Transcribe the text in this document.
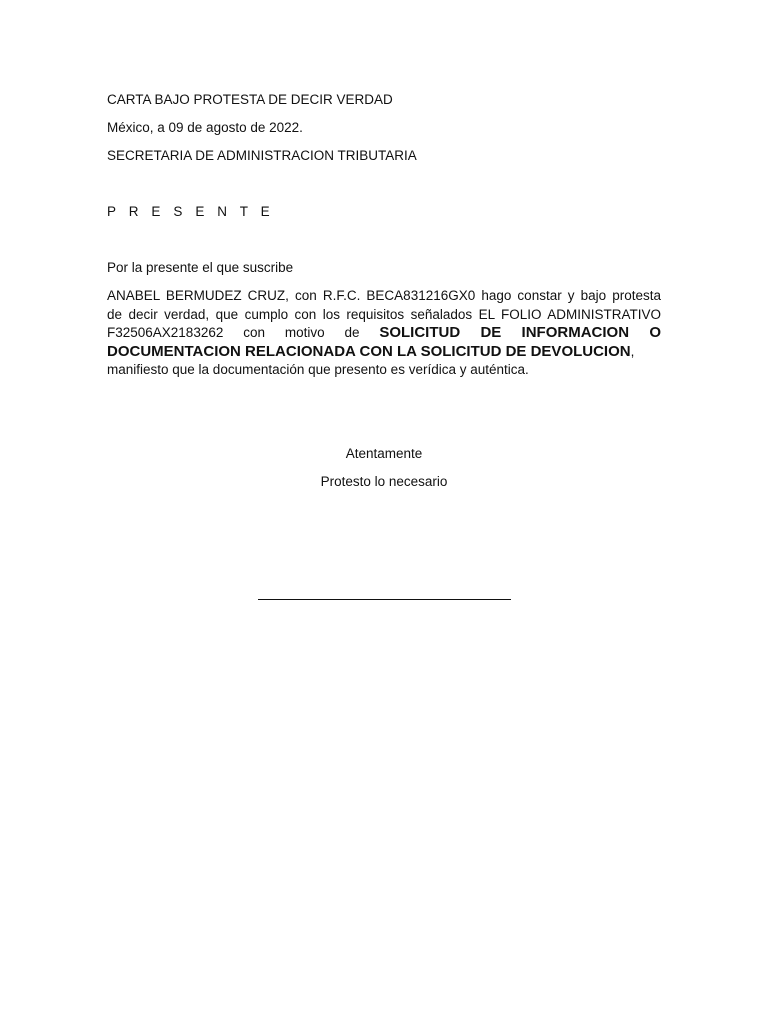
CARTA BAJO PROTESTA DE DECIR VERDAD
México, a 09 de agosto de 2022.
SECRETARIA DE ADMINISTRACION TRIBUTARIA
P R E S E N T E
Por la presente el que suscribe
ANABEL BERMUDEZ CRUZ, con R.F.C. BECA831216GX0 hago constar y bajo protesta
de decir verdad, que cumplo con los requisitos señalados EL FOLIO ADMINISTRATIVO
F32506AX2183262 con motivo de SOLICITUD DE INFORMACION O
DOCUMENTACION RELACIONADA CON LA SOLICITUD DE DEVOLUCION,
manifiesto que la documentación que presento es verídica y auténtica.
Atentamente
Protesto lo necesario
